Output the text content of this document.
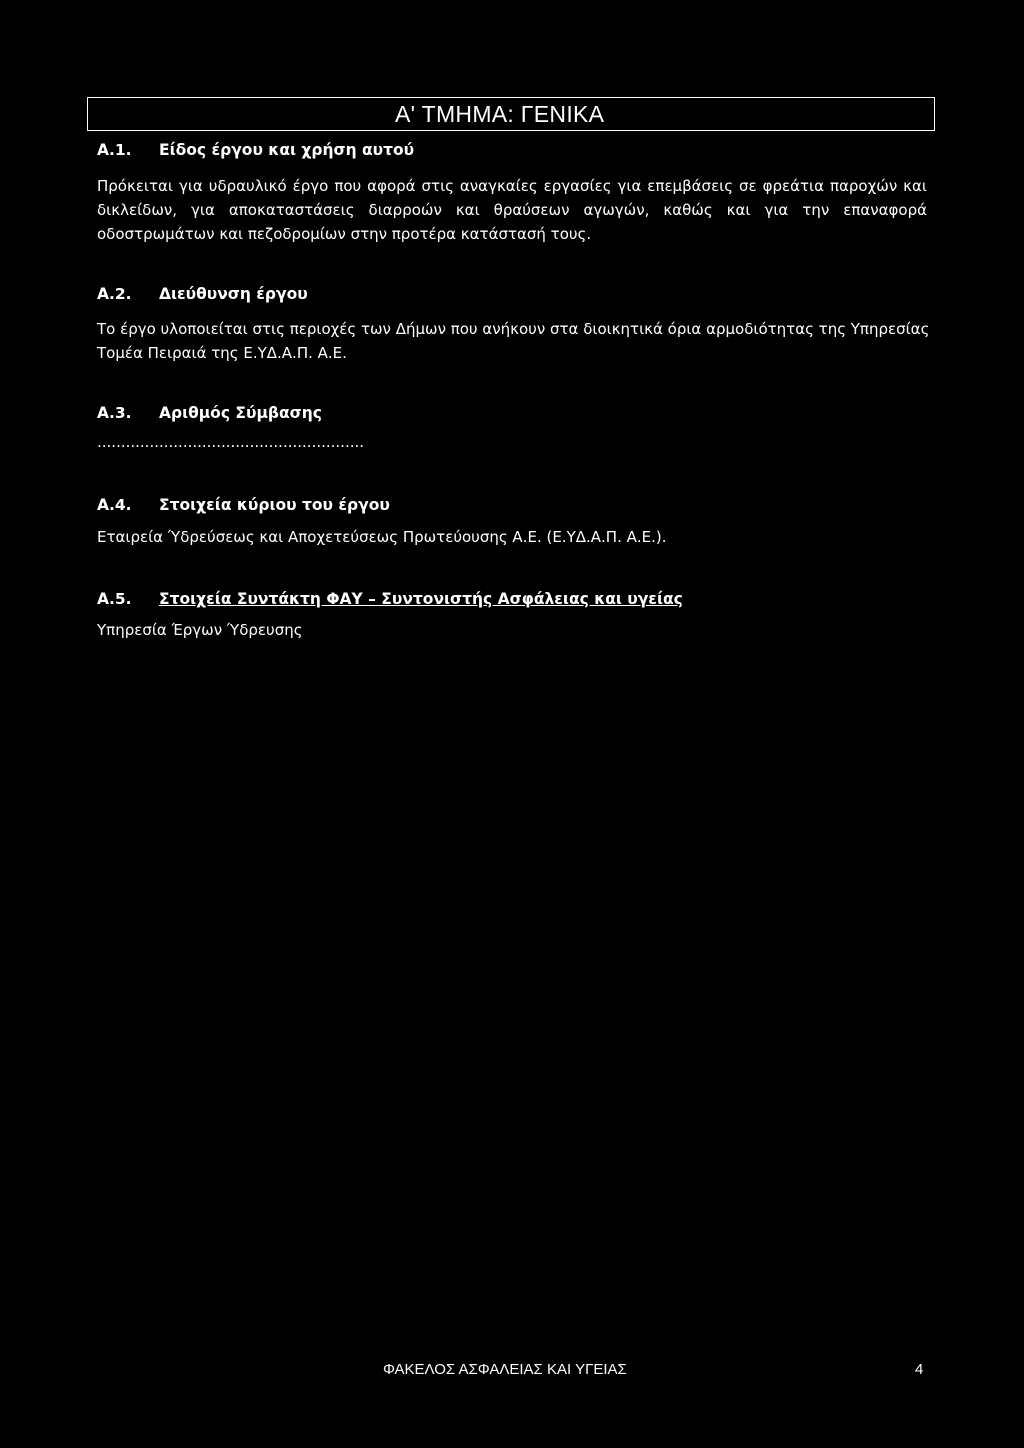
Α' ΤΜΗΜΑ: ΓΕΝΙΚΑ
Α.1. Είδος έργου και χρήση αυτού
Πρόκειται για υδραυλικό έργο που αφορά στις αναγκαίες εργασίες για επεμβάσεις σε φρεάτια παροχών και
δικλείδων, για αποκαταστάσεις διαρροών και θραύσεων αγωγών, καθώς και για την επαναφορά
οδοστρωμάτων και πεζοδρομίων στην προτέρα κατάστασή τους.
Α.2. Διεύθυνση έργου
Το έργο υλοποιείται στις περιοχές των Δήμων που ανήκουν στα διοικητικά όρια αρμοδιότητας της Υπηρεσίας
Τομέα Πειραιά της Ε.ΥΔ.Α.Π. Α.Ε.
Α.3. Αριθμός Σύμβασης
........................................................
Α.4. Στοιχεία κύριου του έργου
Εταιρεία Ύδρεύσεως και Αποχετεύσεως Πρωτεύουσης Α.Ε. (Ε.ΥΔ.Α.Π. Α.Ε.).
Α.5. Στοιχεία Συντάκτη ΦΑΥ – Συντονιστής Ασφάλειας και υγείας
Υπηρεσία Έργων Ύδρευσης
ΦΑΚΕΛΟΣ ΑΣΦΑΛΕΙΑΣ ΚΑΙ ΥΓΕΙΑΣ	4
